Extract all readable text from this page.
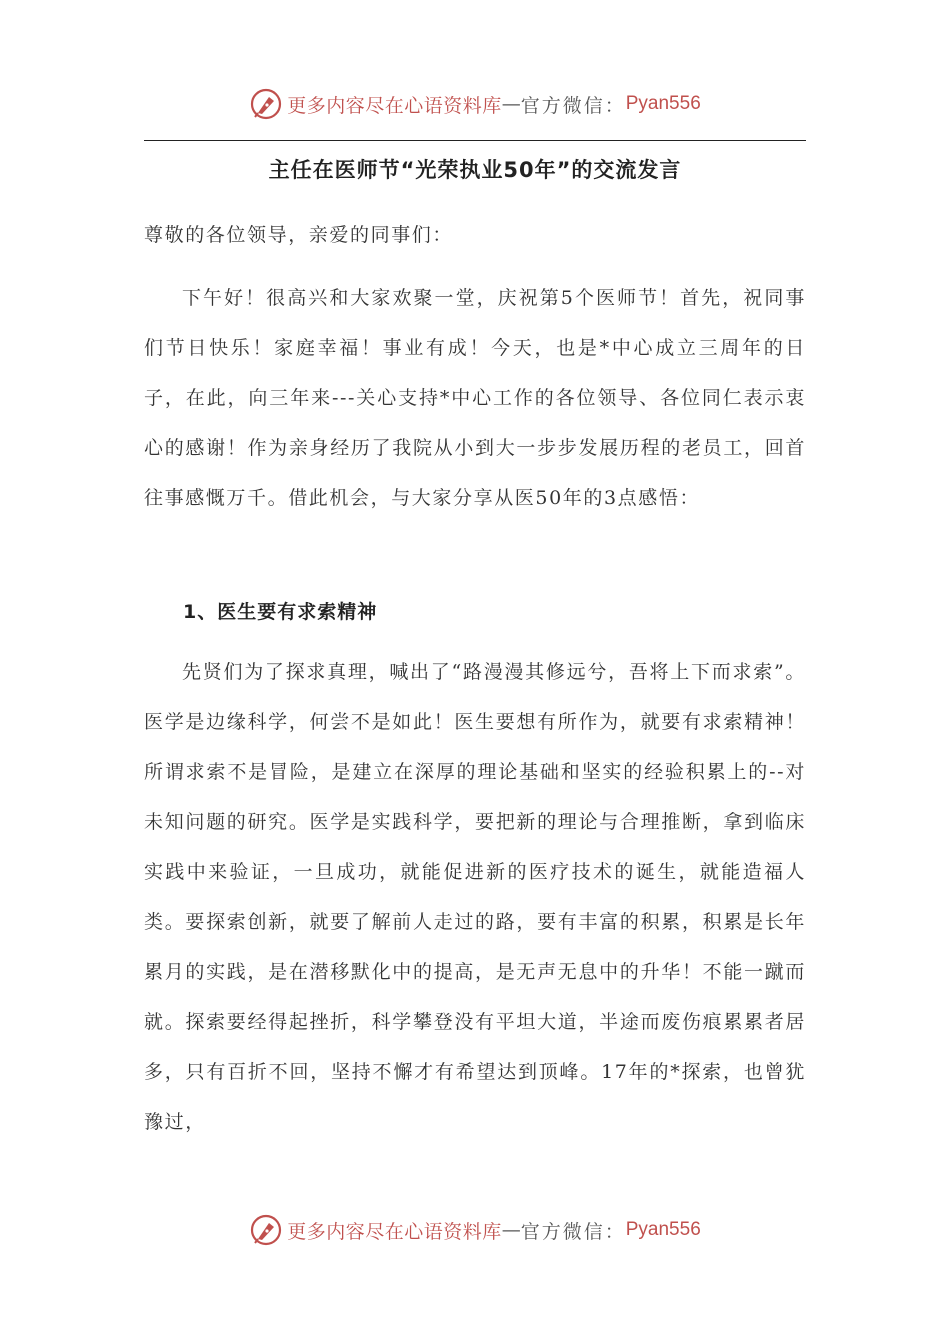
更多内容尽在心语资料库 — 官方微信： Pyan556
主任在医师节“光荣执业50年”的交流发言
尊敬的各位领导，亲爱的同事们：

下午好！很高兴和大家欢聚一堂，庆祝第5个医师节！首先，祝同事们节日快乐！家庭幸福！事业有成！今天，也是*中心成立三周年的日子，在此，向三年来---关心支持*中心工作的各位领导、各位同仁表示衷心的感谢！作为亲身经历了我院从小到大一步步发展历程的老员工，回首往事感慨万千。借此机会，与大家分享从医50年的3点感悟：

1、医生要有求索精神

先贤们为了探求真理，喊出了“路漫漫其修远兮，吾将上下而求索”。 医学是边缘科学，何尝不是如此！医生要想有所作为，就要有求索精神！所谓求索不是冒险，是建立在深厚的理论基础和坚实的经验积累上的--对未知问题的研究。医学是实践科学，要把新的理论与合理推断，拿到临床实践中来验证，一旦成功，就能促进新的医疗技术的诞生，就能造福人类。要探索创新，就要了解前人走过的路，要有丰富的积累，积累是长年累月的实践，是在潜移默化中的提高，是无声无息中的升华！不能一蹴而就。探索要经得起挫折，科学攀登没有平坦大道，半途而废伤痕累累者居多，只有百折不回，坚持不懈才有希望达到顶峰。17年的*探索，也曾犹豫过，

更多内容尽在心语资料库 — 官方微信： Pyan556
